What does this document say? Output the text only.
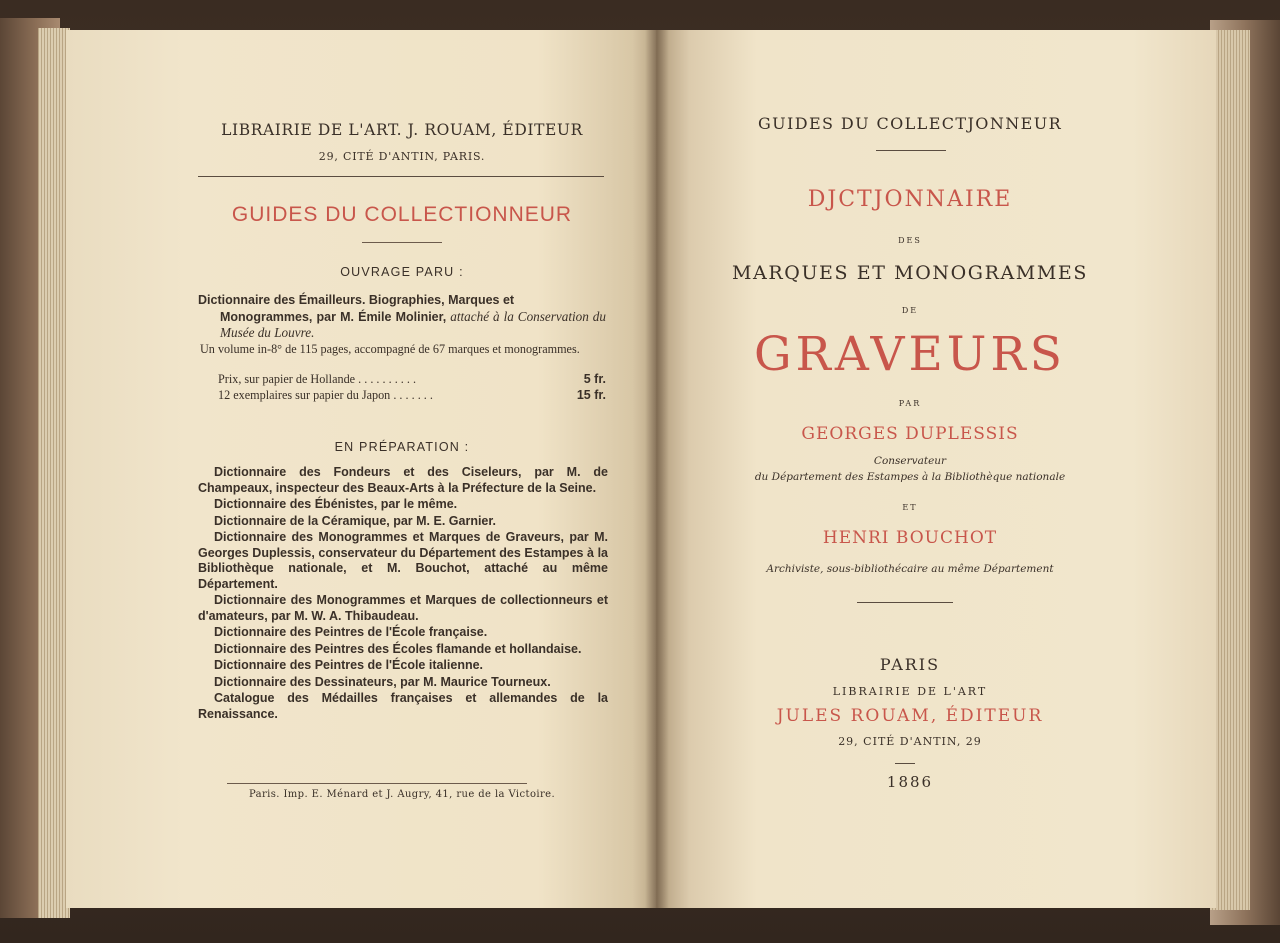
LIBRAIRIE DE L'ART. J. ROUAM, ÉDITEUR
29, CITÉ D'ANTIN, PARIS.
GUIDES DU COLLECTIONNEUR
OUVRAGE PARU :
Dictionnaire des Émailleurs. Biographies, Marques et
Monogrammes, par M. Émile Molinier, attaché à la Conservation du Musée du Louvre.
Un volume in-8° de 115 pages, accompagné de 67 marques et monogrammes.
Prix, sur papier de Hollande . . . . . . . . . .	5 fr.
12 exemplaires sur papier du Japon . . . . . . .	15 fr.
EN PRÉPARATION :
Dictionnaire des Fondeurs et des Ciseleurs, par M. de Champeaux, inspecteur des Beaux-Arts à la Préfecture de la Seine.
Dictionnaire des Ébénistes, par le même.
Dictionnaire de la Céramique, par M. E. Garnier.
Dictionnaire des Monogrammes et Marques de Graveurs, par M. Georges Duplessis, conservateur du Département des Estampes à la Bibliothèque nationale, et M. Bouchot, attaché au même Département.
Dictionnaire des Monogrammes et Marques de collectionneurs et d'amateurs, par M. W. A. Thibaudeau.
Dictionnaire des Peintres de l'École française.
Dictionnaire des Peintres des Écoles flamande et hollandaise.
Dictionnaire des Peintres de l'École italienne.
Dictionnaire des Dessinateurs, par M. Maurice Tourneux.
Catalogue des Médailles françaises et allemandes de la Renaissance.
Paris. Imp. E. Ménard et J. Augry, 41, rue de la Victoire.
GUIDES DU COLLECTJONNEUR
DJCTJONNAIRE
DES
MARQUES ET MONOGRAMMES
DE
GRAVEURS
PAR
GEORGES DUPLESSIS
Conservateur
du Département des Estampes à la Bibliothèque nationale
ET
HENRI BOUCHOT
Archiviste, sous-bibliothécaire au même Département
PARIS
LIBRAIRIE DE L'ART
JULES ROUAM, ÉDITEUR
29, CITÉ D'ANTIN, 29
1886
